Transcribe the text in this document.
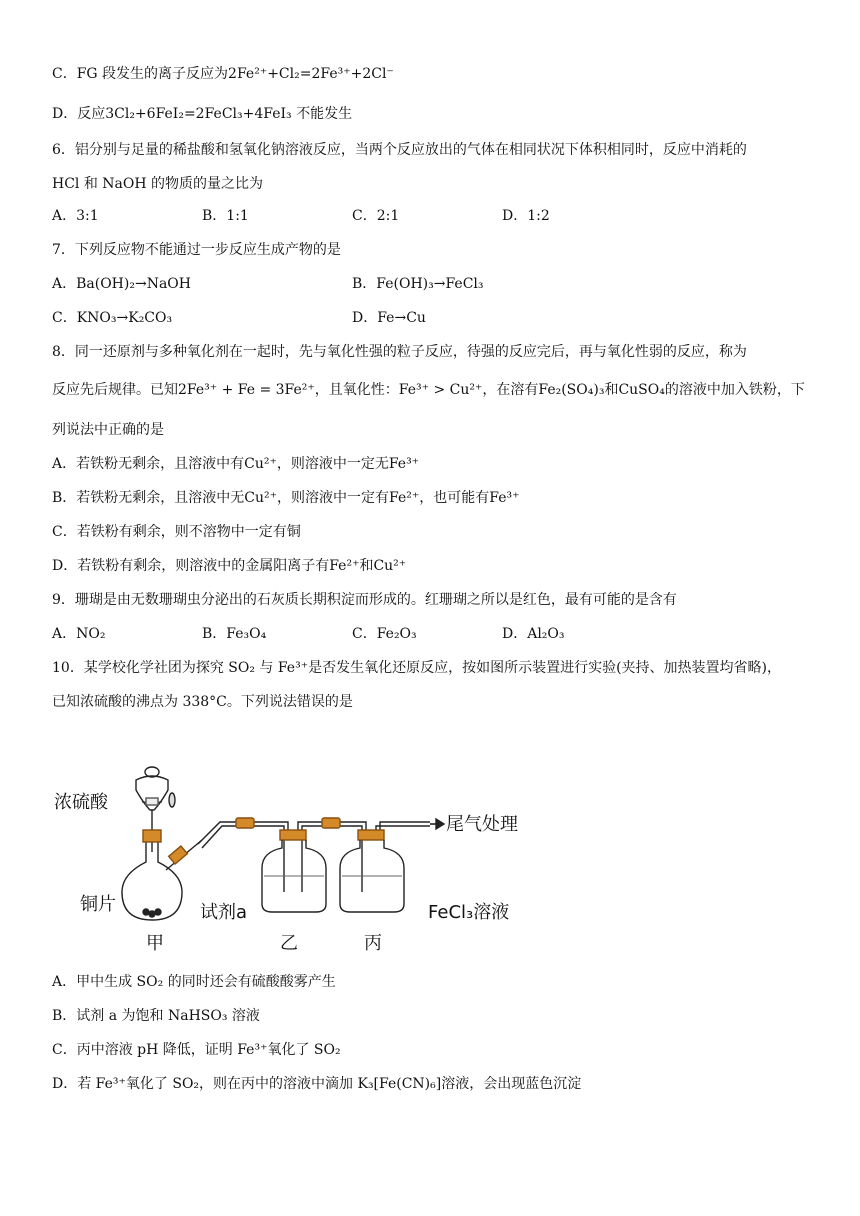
C．FG 段发生的离子反应为2Fe²⁺+Cl₂=2Fe³⁺+2Cl⁻
D．反应3Cl₂+6FeI₂=2FeCl₃+4FeI₃ 不能发生
6．铝分别与足量的稀盐酸和氢氧化钠溶液反应，当两个反应放出的气体在相同状况下体积相同时，反应中消耗的
HCl 和 NaOH 的物质的量之比为
A．3:1	B．1:1	C．2:1	D．1:2
7．下列反应物不能通过一步反应生成产物的是
A．Ba(OH)₂→NaOH	B．Fe(OH)₃→FeCl₃
C．KNO₃→K₂CO₃	D．Fe→Cu
8．同一还原剂与多种氧化剂在一起时，先与氧化性强的粒子反应，待强的反应完后，再与氧化性弱的反应，称为
反应先后规律。已知2Fe³⁺ + Fe = 3Fe²⁺，且氧化性：Fe³⁺ > Cu²⁺，在溶有Fe₂(SO₄)₃和CuSO₄的溶液中加入铁粉，下
列说法中正确的是
A．若铁粉无剩余，且溶液中有Cu²⁺，则溶液中一定无Fe³⁺
B．若铁粉无剩余，且溶液中无Cu²⁺，则溶液中一定有Fe²⁺，也可能有Fe³⁺
C．若铁粉有剩余，则不溶物中一定有铜
D．若铁粉有剩余，则溶液中的金属阳离子有Fe²⁺和Cu²⁺
9．珊瑚是由无数珊瑚虫分泌出的石灰质长期积淀而形成的。红珊瑚之所以是红色，最有可能的是含有
A．NO₂	B．Fe₃O₄	C．Fe₂O₃	D．Al₂O₃
10．某学校化学社团为探究 SO₂ 与 Fe³⁺是否发生氧化还原反应，按如图所示装置进行实验(夹持、加热装置均省略)，
已知浓硫酸的沸点为 338°C。下列说法错误的是
浓硫酸
铜片	试剂a	FeCl₃溶液
尾气处理
甲	乙	丙
A．甲中生成 SO₂ 的同时还会有硫酸酸雾产生
B．试剂 a 为饱和 NaHSO₃ 溶液
C．丙中溶液 pH 降低，证明 Fe³⁺氧化了 SO₂
D．若 Fe³⁺氧化了 SO₂，则在丙中的溶液中滴加 K₃[Fe(CN)₆]溶液，会出现蓝色沉淀
